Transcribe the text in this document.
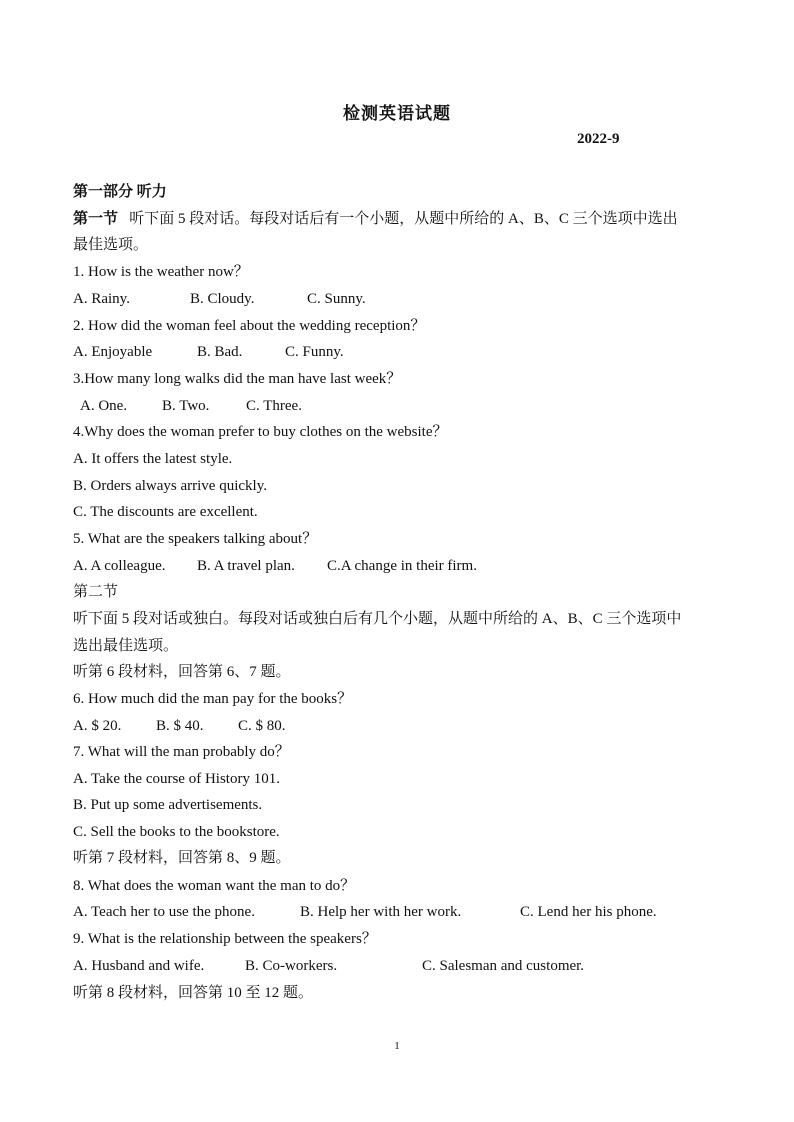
检测英语试题
2022-9
第一部分 听力
第一节 听下面 5 段对话。每段对话后有一个小题，从题中所给的 A、B、C 三个选项中选出
最佳选项。
1. How is the weather now？
A. Rainy.	B. Cloudy.	C. Sunny.
2. How did the woman feel about the wedding reception？
A. Enjoyable	B. Bad.	C. Funny.
3.How many long walks did the man have last week？
A. One. B. Two. C. Three.
4.Why does the woman prefer to buy clothes on the website？
A. It offers the latest style.
B. Orders always arrive quickly.
C. The discounts are excellent.
5. What are the speakers talking about？
A. A colleague. B. A travel plan. C.A change in their firm.
第二节
听下面 5 段对话或独白。每段对话或独白后有几个小题，从题中所给的 A、B、C 三个选项中
选出最佳选项。
听第 6 段材料，回答第 6、7 题。
6. How much did the man pay for the books？
A. $ 20. B. $ 40. C. $ 80.
7. What will the man probably do？
A. Take the course of History 101.
B. Put up some advertisements.
C. Sell the books to the bookstore.
听第 7 段材料，回答第 8、9 题。
8. What does the woman want the man to do？
A. Teach her to use the phone.	B. Help her with her work.	C. Lend her his phone.
9. What is the relationship between the speakers？
A. Husband and wife.	B. Co-workers.	C. Salesman and customer.
听第 8 段材料，回答第 10 至 12 题。
1
